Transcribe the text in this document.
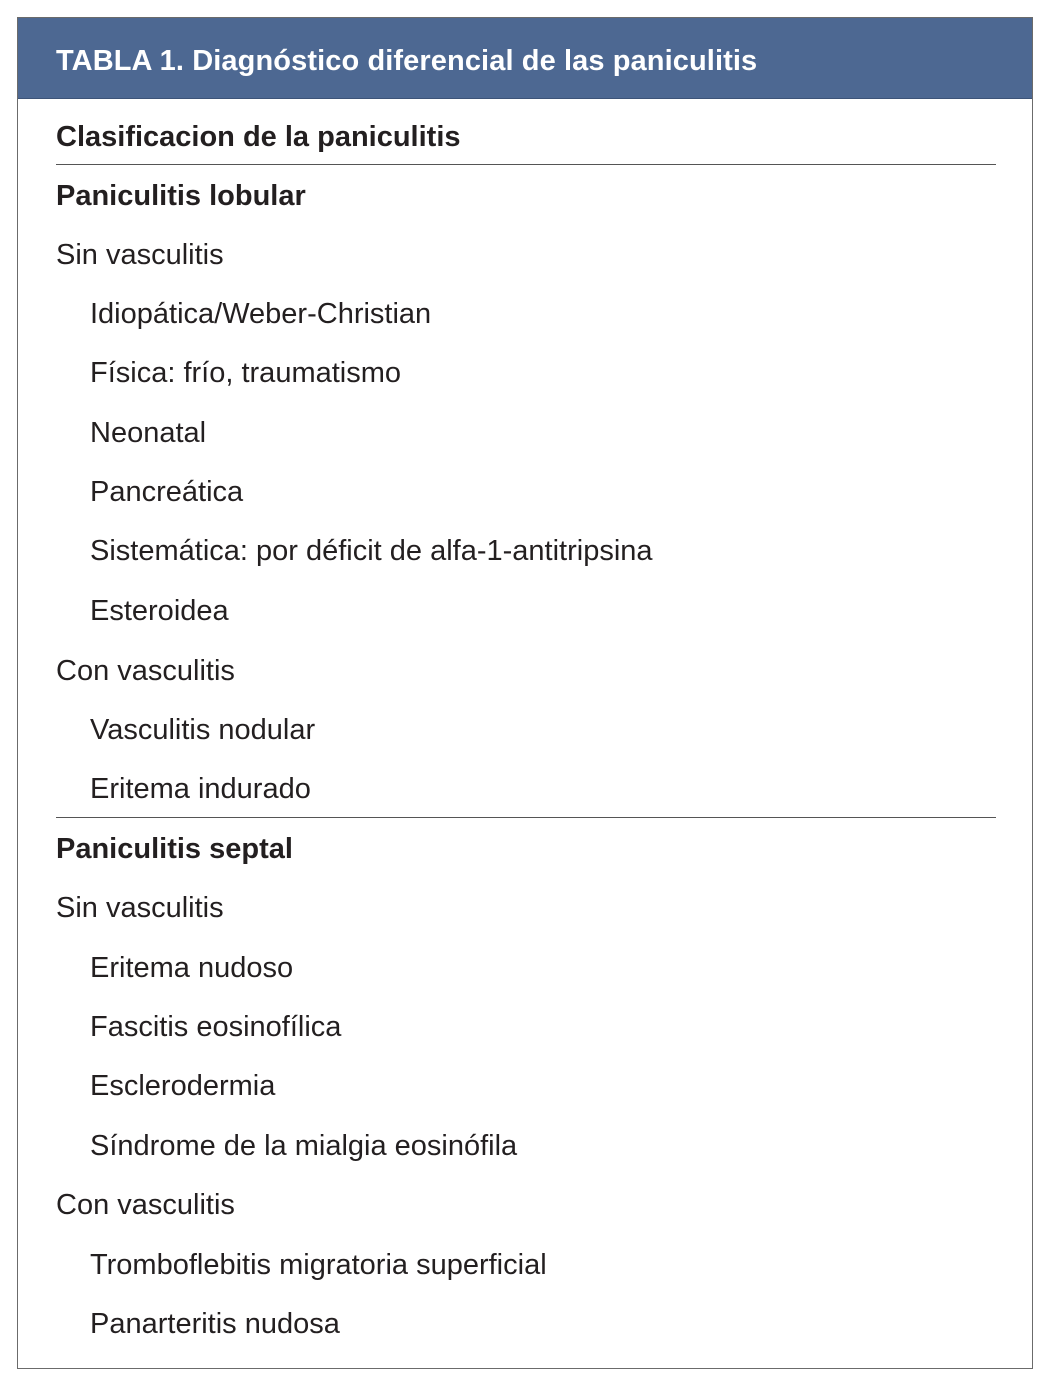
TABLA 1. Diagnóstico diferencial de las paniculitis
Clasificacion de la paniculitis
Paniculitis lobular
Sin vasculitis
Idiopática/Weber-Christian
Física: frío, traumatismo
Neonatal
Pancreática
Sistemática: por déficit de alfa-1-antitripsina
Esteroidea
Con vasculitis
Vasculitis nodular
Eritema indurado
Paniculitis septal
Sin vasculitis
Eritema nudoso
Fascitis eosinofílica
Esclerodermia
Síndrome de la mialgia eosinófila
Con vasculitis
Tromboflebitis migratoria superficial
Panarteritis nudosa
